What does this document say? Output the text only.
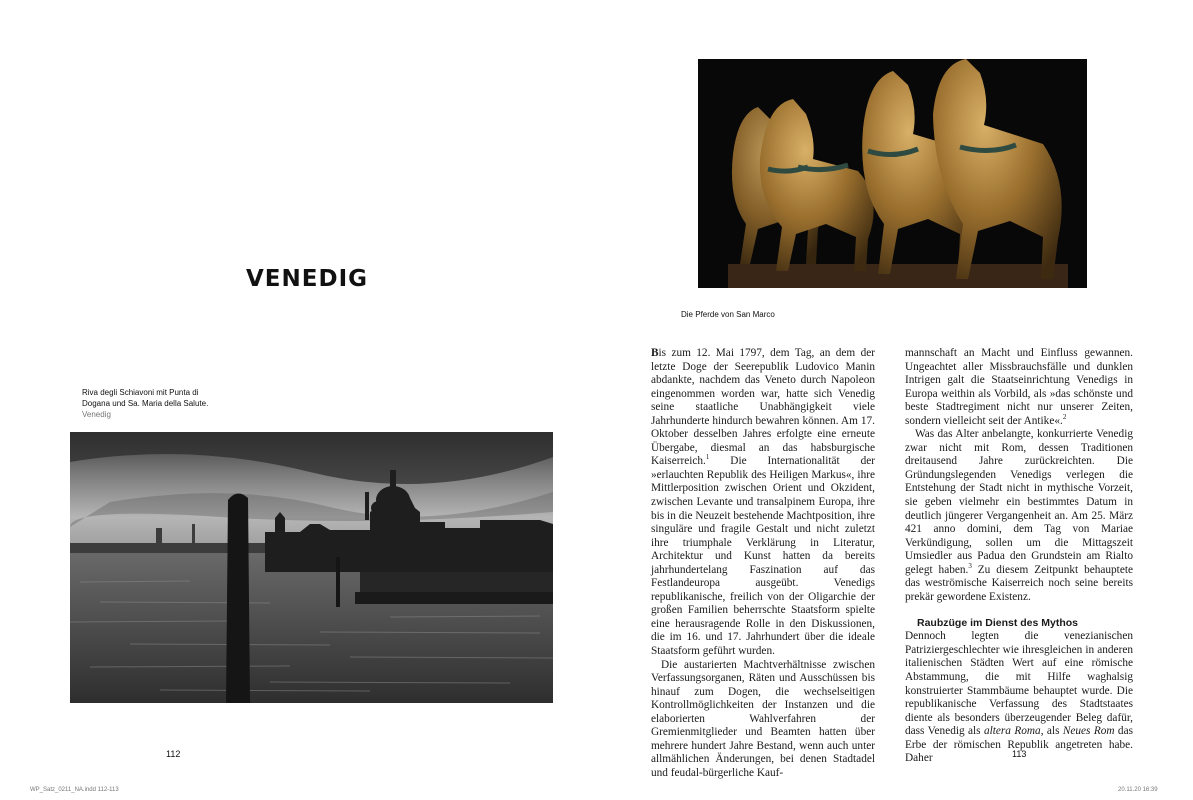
VENEDIG
Riva degli Schiavoni mit Punta di
Dogana und Sa. Maria della Salute.
Venedig
112
Die Pferde von San Marco

Bis zum 12. Mai 1797, dem Tag, an dem der letzte Doge der Seerepublik Ludovico Manin abdankte, nachdem das Veneto durch Napoleon eingenommen worden war, hatte sich Venedig seine staatliche Unabhängigkeit viele Jahrhunderte hindurch bewahren können. Am 17. Oktober desselben Jahres erfolgte eine erneute Übergabe, diesmal an das habsburgische Kaiserreich.$^1$ Die Internationalität der »erlauchten Republik des Heiligen Markus«, ihre Mittlerposition zwischen Orient und Okzident, zwischen Levante und transalpinem Europa, ihre bis in die Neuzeit bestehende Machtposition, ihre singuläre und fragile Gestalt und nicht zuletzt ihre triumphale Verklärung in Literatur, Architektur und Kunst hatten da bereits jahrhundertelang Faszination auf das Festlandeuropa ausgeübt. Venedigs republikanische, freilich von der Oligarchie der großen Familien beherrschte Staatsform spielte eine herausragende Rolle in den Diskussionen, die im 16. und 17. Jahrhundert über die ideale Staatsform geführt wurden.

Die austarierten Machtverhältnisse zwischen Verfassungsorganen, Räten und Ausschüssen bis hinauf zum Dogen, die wechselseitigen Kontrollmöglichkeiten der Instanzen und die elaborierten Wahlverfahren der Gremienmitglieder und Beamten hatten über mehrere hundert Jahre Bestand, wenn auch unter allmählichen Änderungen, bei denen Stadtadel und feudal-bürgerliche Kauf-

mannschaft an Macht und Einfluss gewannen. Ungeachtet aller Missbrauchsfälle und dunklen Intrigen galt die Staatseinrichtung Venedigs in Europa weithin als Vorbild, als »das schönste und beste Stadtregiment nicht nur unserer Zeiten, sondern vielleicht seit der Antike«.$^2$

Was das Alter anbelangte, konkurrierte Venedig zwar nicht mit Rom, dessen Traditionen dreitausend Jahre zurückreichten. Die Gründungslegenden Venedigs verlegen die Entstehung der Stadt nicht in mythische Vorzeit, sie geben vielmehr ein bestimmtes Datum in deutlich jüngerer Vergangenheit an. Am 25. März 421 anno domini, dem Tag von Mariae Verkündigung, sollen um die Mittagszeit Umsiedler aus Padua den Grundstein am Rialto gelegt haben.$^3$ Zu diesem Zeitpunkt behauptete das weströmische Kaiserreich noch seine bereits prekär gewordene Existenz.

Raubzüge im Dienst des Mythos

Dennoch legten die venezianischen Patriziergeschlechter wie ihresgleichen in anderen italienischen Städten Wert auf eine römische Abstammung, die mit Hilfe waghalsig konstruierter Stammbäume behauptet wurde. Die republikanische Verfassung des Stadtstaates diente als besonders überzeugender Beleg dafür, dass Venedig als altera Roma, als Neues Rom das Erbe der römischen Republik angetreten habe. Daher	113
WP_Satz_0211_NA.indd 112-113	20.11.20 16:39
